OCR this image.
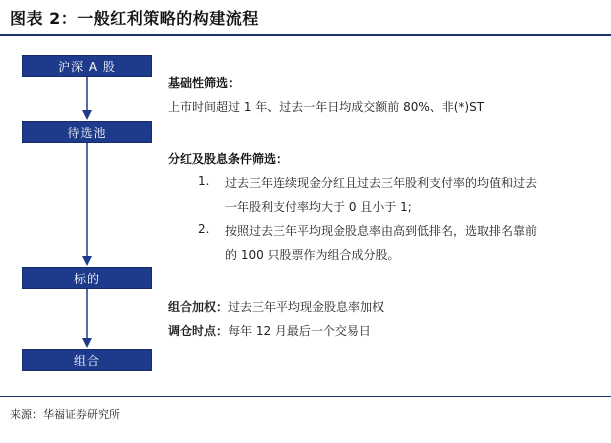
图表 2：一般红利策略的构建流程
沪深 A 股
待选池
标的
组合
基础性筛选：
上市时间超过 1 年、过去一年日均成交额前 80%、非(*)ST
分红及股息条件筛选：
1. 过去三年连续现金分红且过去三年股利支付率的均值和过去
一年股利支付率均大于 0 且小于 1;
2. 按照过去三年平均现金股息率由高到低排名，选取排名靠前
的 100 只股票作为组合成分股。
组合加权：过去三年平均现金股息率加权
调仓时点：每年 12 月最后一个交易日
来源：华福证券研究所
